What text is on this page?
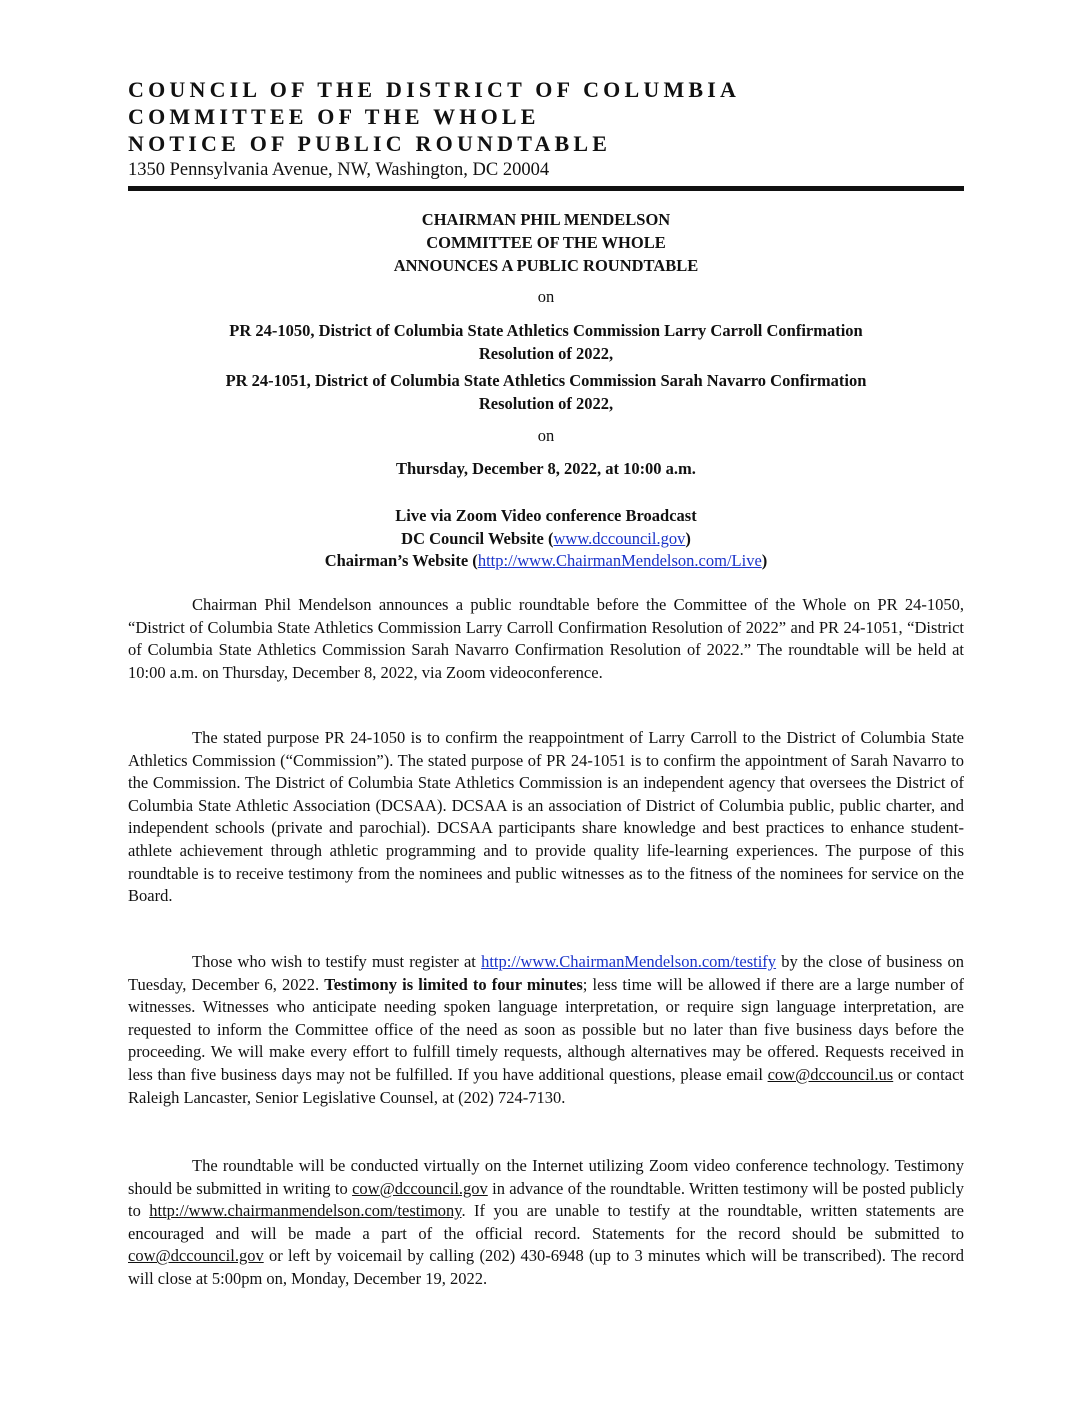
COUNCIL OF THE DISTRICT OF COLUMBIA
COMMITTEE OF THE WHOLE
NOTICE OF PUBLIC ROUNDTABLE
1350 Pennsylvania Avenue, NW, Washington, DC 20004
CHAIRMAN PHIL MENDELSON
COMMITTEE OF THE WHOLE
ANNOUNCES A PUBLIC ROUNDTABLE
on
PR 24-1050, District of Columbia State Athletics Commission Larry Carroll Confirmation
Resolution of 2022,
PR 24-1051, District of Columbia State Athletics Commission Sarah Navarro Confirmation
Resolution of 2022,
on
Thursday, December 8, 2022, at 10:00 a.m.
Live via Zoom Video conference Broadcast
DC Council Website (www.dccouncil.gov)
Chairman’s Website (http://www.ChairmanMendelson.com/Live)

Chairman Phil Mendelson announces a public roundtable before the Committee of the Whole on PR 24-1050, “District of Columbia State Athletics Commission Larry Carroll Confirmation Resolution of 2022” and PR 24-1051, “District of Columbia State Athletics Commission Sarah Navarro Confirmation Resolution of 2022.” The roundtable will be held at 10:00 a.m. on Thursday, December 8, 2022, via Zoom videoconference.

The stated purpose PR 24-1050 is to confirm the reappointment of Larry Carroll to the District of Columbia State Athletics Commission (“Commission”). The stated purpose of PR 24-1051 is to confirm the appointment of Sarah Navarro to the Commission. The District of Columbia State Athletics Commission is an independent agency that oversees the District of Columbia State Athletic Association (DCSAA). DCSAA is an association of District of Columbia public, public charter, and independent schools (private and parochial). DCSAA participants share knowledge and best practices to enhance student-athlete achievement through athletic programming and to provide quality life-learning experiences. The purpose of this roundtable is to receive testimony from the nominees and public witnesses as to the fitness of the nominees for service on the Board.

Those who wish to testify must register at http://www.ChairmanMendelson.com/testify by the close of business on Tuesday, December 6, 2022. Testimony is limited to four minutes; less time will be allowed if there are a large number of witnesses. Witnesses who anticipate needing spoken language interpretation, or require sign language interpretation, are requested to inform the Committee office of the need as soon as possible but no later than five business days before the proceeding. We will make every effort to fulfill timely requests, although alternatives may be offered. Requests received in less than five business days may not be fulfilled. If you have additional questions, please email cow@dccouncil.us or contact Raleigh Lancaster, Senior Legislative Counsel, at (202) 724-7130.

The roundtable will be conducted virtually on the Internet utilizing Zoom video conference technology. Testimony should be submitted in writing to cow@dccouncil.gov in advance of the roundtable. Written testimony will be posted publicly to http://www.chairmanmendelson.com/testimony. If you are unable to testify at the roundtable, written statements are encouraged and will be made a part of the official record. Statements for the record should be submitted to cow@dccouncil.gov or left by voicemail by calling (202) 430-6948 (up to 3 minutes which will be transcribed). The record will close at 5:00pm on, Monday, December 19, 2022.
